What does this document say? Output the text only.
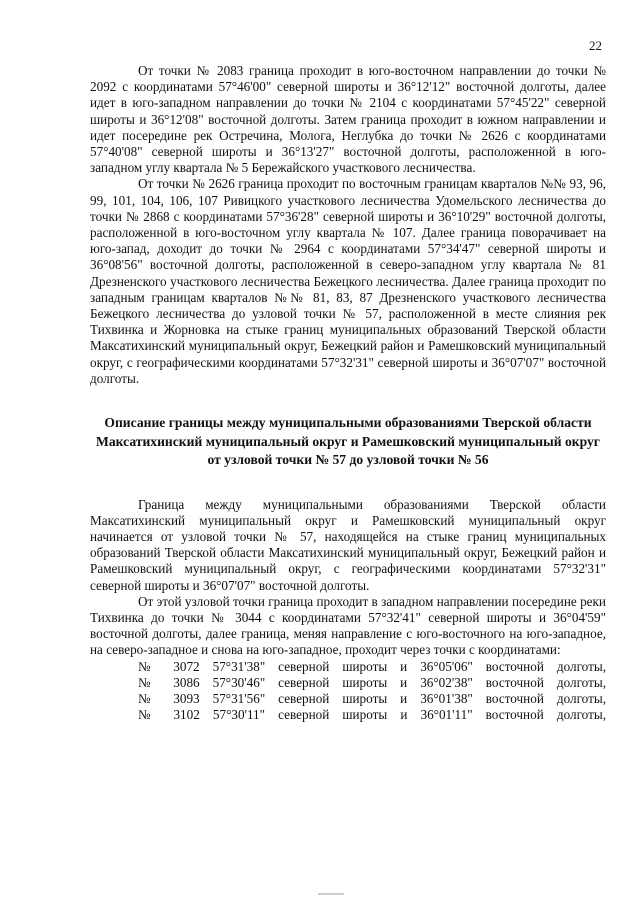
22

От точки № 2083 граница проходит в юго-восточном направлении до точки № 2092 с координатами 57°46'00" северной широты и 36°12'12" восточной долготы, далее идет в юго-западном направлении до точки № 2104 с координатами 57°45'22" северной широты и 36°12'08" восточной долготы. Затем граница проходит в южном направлении и идет посередине рек Остречина, Молога, Неглубка до точки № 2626 с координатами 57°40'08" северной широты и 36°13'27" восточной долготы, расположенной в юго-западном углу квартала № 5 Бережайского участкового лесничества.

От точки № 2626 граница проходит по восточным границам кварталов №№ 93, 96, 99, 101, 104, 106, 107 Ривицкого участкового лесничества Удомельского лесничества до точки № 2868 с координатами 57°36'28" северной широты и 36°10'29" восточной долготы, расположенной в юго-восточном углу квартала № 107. Далее граница поворачивает на юго-запад, доходит до точки № 2964 с координатами 57°34'47" северной широты и 36°08'56" восточной долготы, расположенной в северо-западном углу квартала № 81 Дрезненского участкового лесничества Бежецкого лесничества. Далее граница проходит по западным границам кварталов №№ 81, 83, 87 Дрезненского участкового лесничества Бежецкого лесничества до узловой точки № 57, расположенной в месте слияния рек Тихвинка и Жорновка на стыке границ муниципальных образований Тверской области Максатихинский муниципальный округ, Бежецкий район и Рамешковский муниципальный округ, с географическими координатами 57°32'31" северной широты и 36°07'07" восточной долготы.

Описание границы между муниципальными образованиями Тверской области Максатихинский муниципальный округ и Рамешковский муниципальный округ от узловой точки № 57 до узловой точки № 56

Граница между муниципальными образованиями Тверской области Максатихинский муниципальный округ и Рамешковский муниципальный округ начинается от узловой точки № 57, находящейся на стыке границ муниципальных образований Тверской области Максатихинский муниципальный округ, Бежецкий район и Рамешковский муниципальный округ, с географическими координатами 57°32'31" северной широты и 36°07'07" восточной долготы.

От этой узловой точки граница проходит в западном направлении посередине реки Тихвинка до точки № 3044 с координатами 57°32'41" северной широты и 36°04'59" восточной долготы, далее граница, меняя направление с юго-восточного на юго-западное, на северо-западное и снова на юго-западное, проходит через точки с координатами:

№ 3072 57°31'38" северной широты и 36°05'06" восточной долготы,
№ 3086 57°30'46" северной широты и 36°02'38" восточной долготы,
№ 3093 57°31'56" северной широты и 36°01'38" восточной долготы,
№ 3102 57°30'11" северной широты и 36°01'11" восточной долготы,
